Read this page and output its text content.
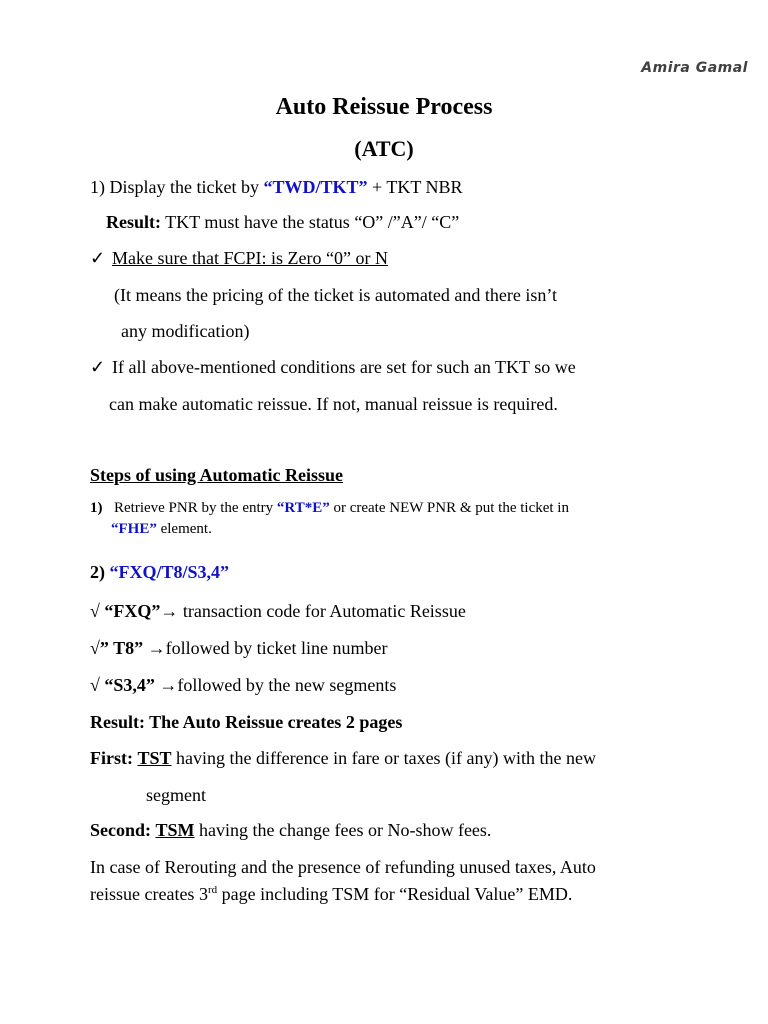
Amira Gamal
Auto Reissue Process
(ATC)
1) Display the ticket by “TWD/TKT” + TKT NBR
Result: TKT must have the status “O” /”A”/ “C”
✓ Make sure that FCPI: is Zero “0” or N
(It means the pricing of the ticket is automated and there isn’t
any modification)
✓ If all above-mentioned conditions are set for such an TKT so we
can make automatic reissue. If not, manual reissue is required.
Steps of using Automatic Reissue
1) Retrieve PNR by the entry “RT*E” or create NEW PNR & put the ticket in
“FHE” element.
2) “FXQ/T8/S3,4”
√ “FXQ”→ transaction code for Automatic Reissue
√” T8” →followed by ticket line number
√ “S3,4” →followed by the new segments
Result: The Auto Reissue creates 2 pages
First: TST having the difference in fare or taxes (if any) with the new
segment
Second: TSM having the change fees or No-show fees.
In case of Rerouting and the presence of refunding unused taxes, Auto
reissue creates 3rd page including TSM for “Residual Value” EMD.
